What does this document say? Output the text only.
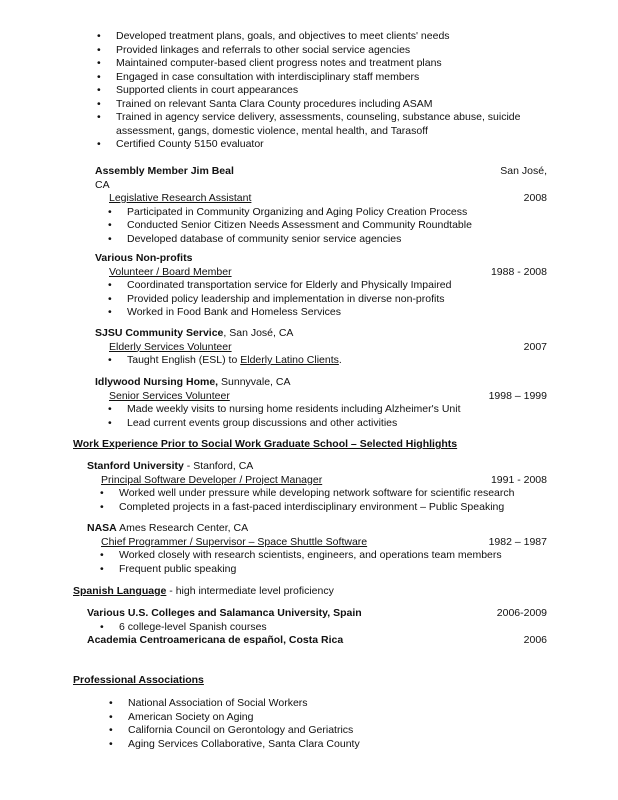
• Developed treatment plans, goals, and objectives to meet clients' needs
• Provided linkages and referrals to other social service agencies
• Maintained computer-based client progress notes and treatment plans
• Engaged in case consultation with interdisciplinary staff members
• Supported clients in court appearances
• Trained on relevant Santa Clara County procedures including ASAM
• Trained in agency service delivery, assessments, counseling, substance abuse, suicide assessment, gangs, domestic violence, mental health, and Tarasoff
• Certified County 5150 evaluator
Assembly Member Jim Beal	San José,
CA
Legislative Research Assistant	2008
• Participated in Community Organizing and Aging Policy Creation Process
• Conducted Senior Citizen Needs Assessment and Community Roundtable
• Developed database of community senior service agencies
Various Non-profits
Volunteer / Board Member	1988 - 2008
• Coordinated transportation service for Elderly and Physically Impaired
• Provided policy leadership and implementation in diverse non-profits
• Worked in Food Bank and Homeless Services
SJSU Community Service, San José, CA
Elderly Services Volunteer	2007
• Taught English (ESL) to Elderly Latino Clients.
Idlywood Nursing Home, Sunnyvale, CA
Senior Services Volunteer	1998 – 1999
• Made weekly visits to nursing home residents including Alzheimer's Unit
• Lead current events group discussions and other activities
Work Experience Prior to Social Work Graduate School – Selected Highlights
Stanford University - Stanford, CA
Principal Software Developer / Project Manager	1991 - 2008
• Worked well under pressure while developing network software for scientific research
• Completed projects in a fast-paced interdisciplinary environment – Public Speaking
NASA Ames Research Center, CA
Chief Programmer / Supervisor – Space Shuttle Software	1982 – 1987
• Worked closely with research scientists, engineers, and operations team members
• Frequent public speaking
Spanish Language - high intermediate level proficiency
Various U.S. Colleges and Salamanca University, Spain	2006-2009
• 6 college-level Spanish courses
Academia Centroamericana de español, Costa Rica	2006
Professional Associations
• National Association of Social Workers
• American Society on Aging
• California Council on Gerontology and Geriatrics
• Aging Services Collaborative, Santa Clara County
